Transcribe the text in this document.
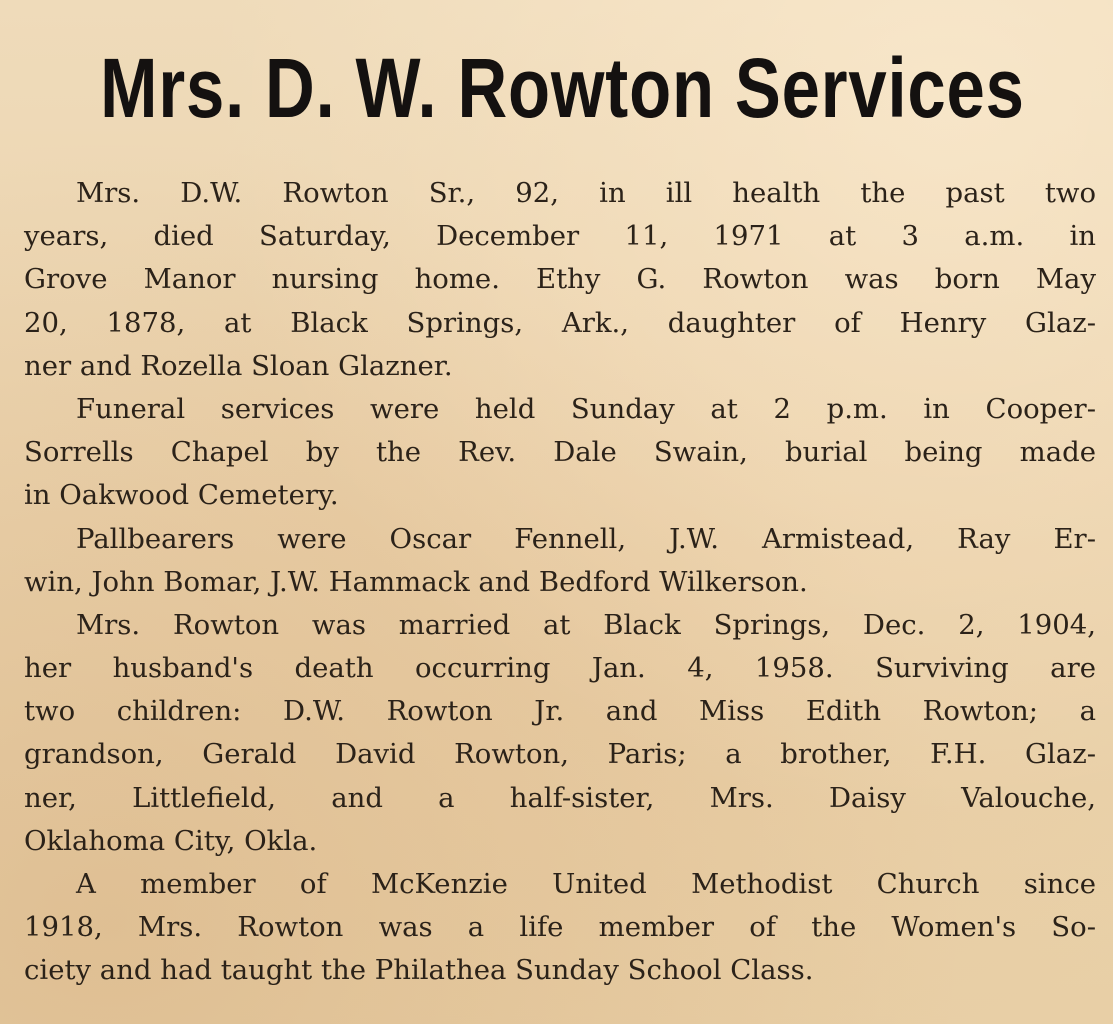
Mrs. D. W. Rowton Services
Mrs. D.W. Rowton Sr., 92, in ill health the past two
years, died Saturday, December 11, 1971 at 3 a.m. in
Grove Manor nursing home. Ethy G. Rowton was born May
20, 1878, at Black Springs, Ark., daughter of Henry Glaz-
ner and Rozella Sloan Glazner.
Funeral services were held Sunday at 2 p.m. in Cooper-
Sorrells Chapel by the Rev. Dale Swain, burial being made
in Oakwood Cemetery.
Pallbearers were Oscar Fennell, J.W. Armistead, Ray Er-
win, John Bomar, J.W. Hammack and Bedford Wilkerson.
Mrs. Rowton was married at Black Springs, Dec. 2, 1904,
her husband's death occurring Jan. 4, 1958. Surviving are
two children: D.W. Rowton Jr. and Miss Edith Rowton; a
grandson, Gerald David Rowton, Paris; a brother, F.H. Glaz-
ner, Littlefield, and a half-sister, Mrs. Daisy Valouche,
Oklahoma City, Okla.
A member of McKenzie United Methodist Church since
1918, Mrs. Rowton was a life member of the Women's So-
ciety and had taught the Philathea Sunday School Class.
